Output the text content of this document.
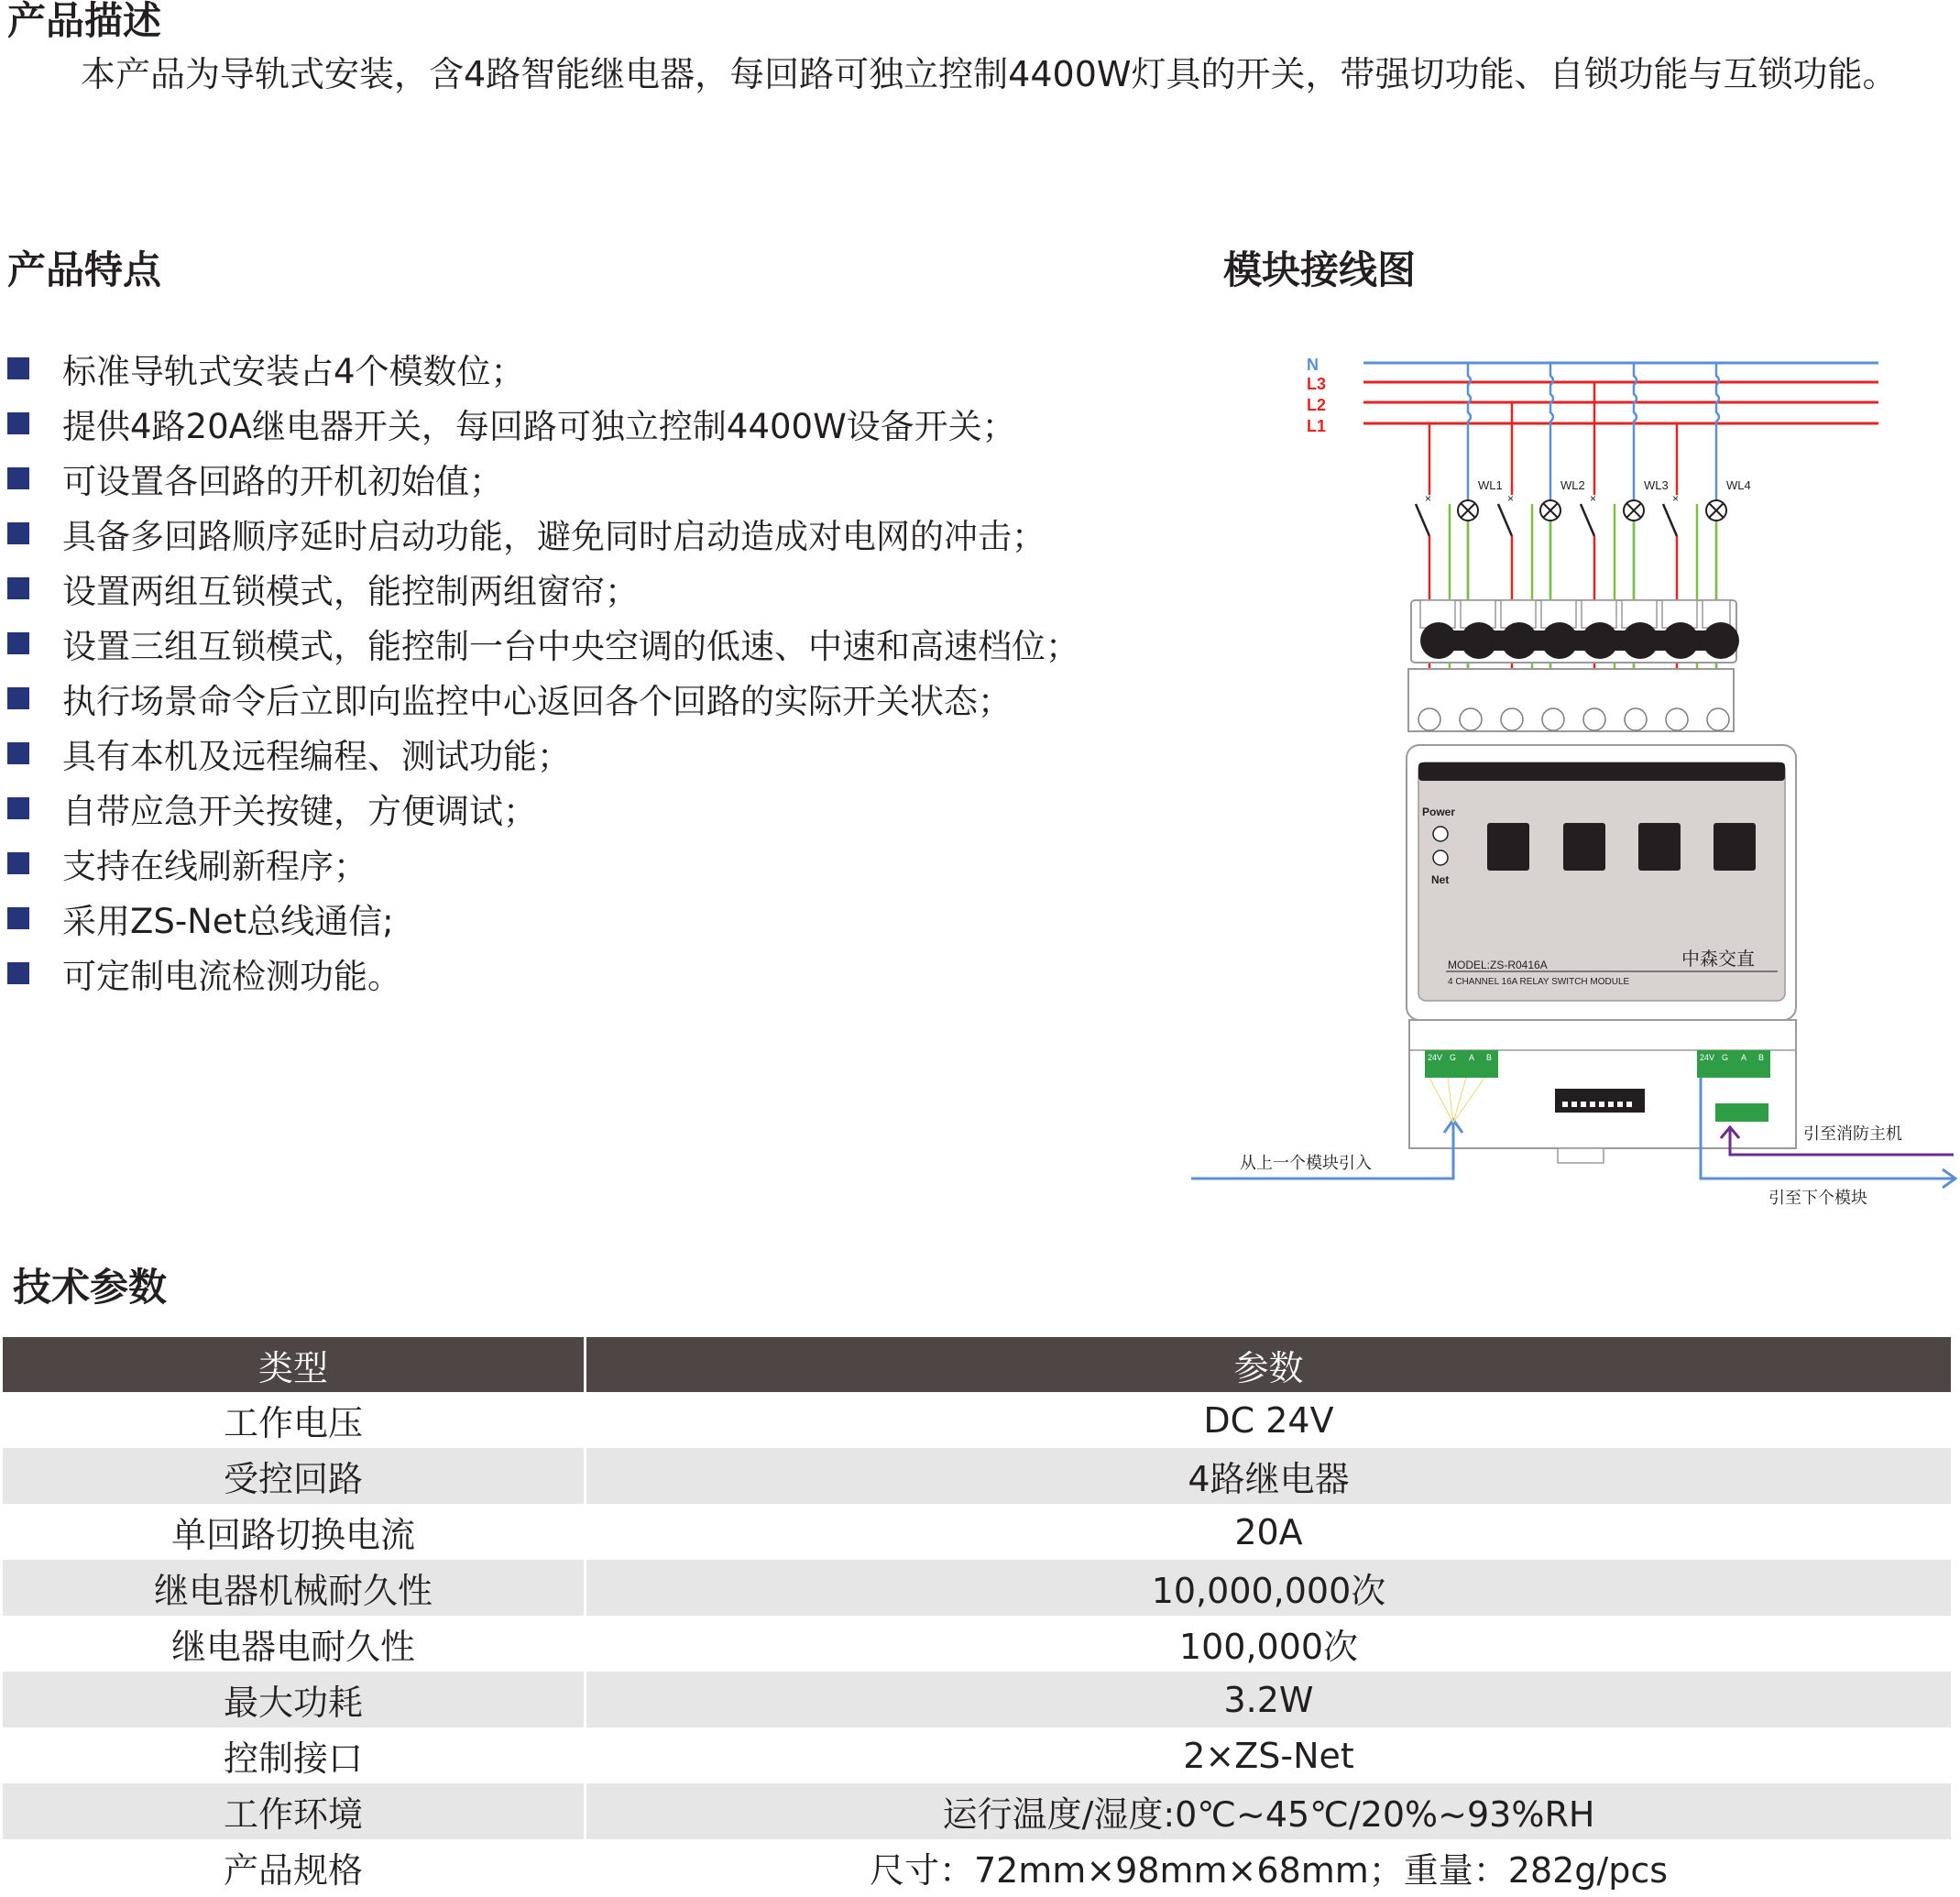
产品描述
本产品为导轨式安装，含4路智能继电器，每回路可独立控制4400W灯具的开关，带强切功能、自锁功能与互锁功能。
产品特点
标准导轨式安装占4个模数位；
提供4路20A继电器开关，每回路可独立控制4400W设备开关；
可设置各回路的开机初始值；
具备多回路顺序延时启动功能，避免同时启动造成对电网的冲击；
设置两组互锁模式，能控制两组窗帘；
设置三组互锁模式，能控制一台中央空调的低速、中速和高速档位；
执行场景命令后立即向监控中心返回各个回路的实际开关状态；
具有本机及远程编程、测试功能；
自带应急开关按键，方便调试；
支持在线刷新程序；
采用ZS-Net总线通信;
可定制电流检测功能。
模块接线图
N
L3
L2
L1
×	×	×	×
WL1	WL2	WL3	WL4
Power
Net
MODEL:ZS-R0416A
4 CHANNEL 16A RELAY SWITCH MODULE
中森交直
24V G A B	24V G A B
从上一个模块引入
引至消防主机
引至下个模块
技术参数
类型	参数
工作电压	DC 24V
受控回路	4路继电器
单回路切换电流	20A
继电器机械耐久性	10,000,000次
继电器电耐久性	100,000次
最大功耗	3.2W
控制接口	2×ZS-Net
工作环境	运行温度/湿度:0℃~45℃/20%~93%RH
产品规格	尺寸：72mm×98mm×68mm；重量：282g/pcs
